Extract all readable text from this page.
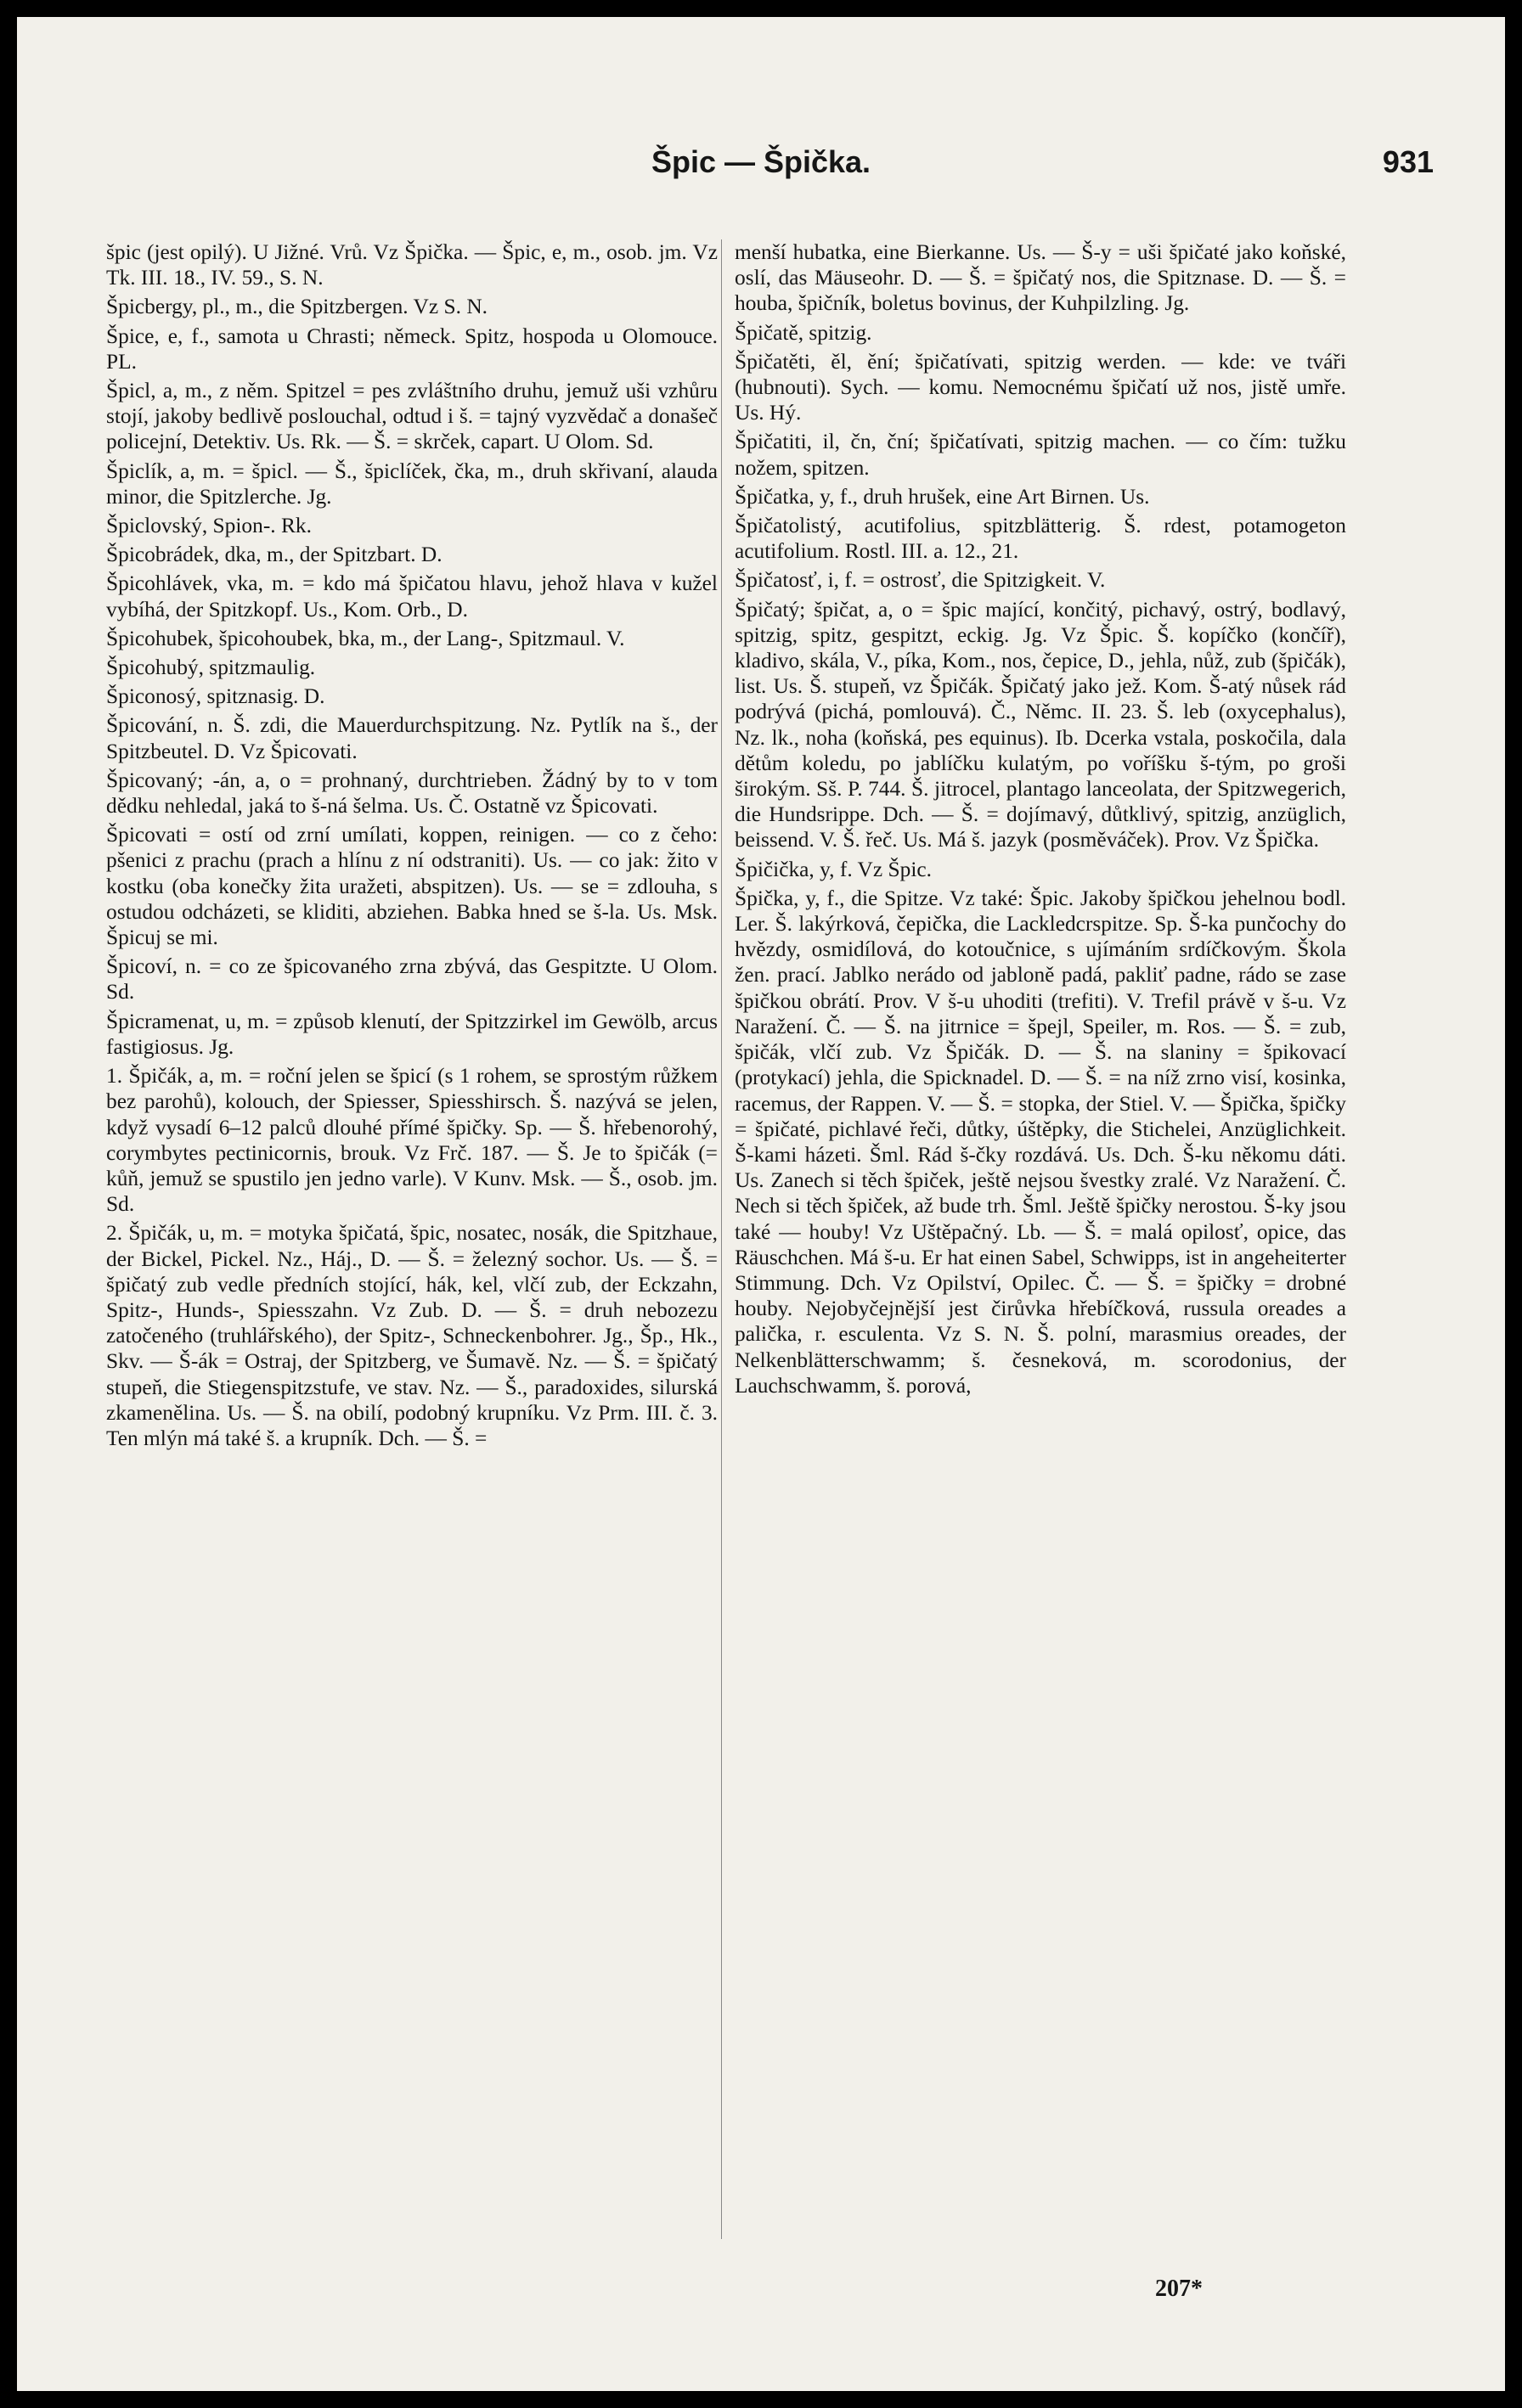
Špic — Špička.	931

špic (jest opilý). U Jižné. Vrů. Vz Špička. — Špic, e, m., osob. jm. Vz Tk. III. 18., IV. 59., S. N.

Špicbergy, pl., m., die Spitzbergen. Vz S. N.

Špice, e, f., samota u Chrasti; německ. Spitz, hospoda u Olomouce. PL.

Špicl, a, m., z něm. Spitzel = pes zvláštního druhu, jemuž uši vzhůru stojí, jakoby bedlivě poslouchal, odtud i š. = tajný vyzvědač a donašeč policejní, Detektiv. Us. Rk. — Š. = skrček, capart. U Olom. Sd.

Špiclík, a, m. = špicl. — Š., špiclíček, čka, m., druh skřivaní, alauda minor, die Spitzlerche. Jg.

Špiclovský, Spion-. Rk.

Špicobrádek, dka, m., der Spitzbart. D.

Špicohlávek, vka, m. = kdo má špičatou hlavu, jehož hlava v kužel vybíhá, der Spitzkopf. Us., Kom. Orb., D.

Špicohubek, špicohoubek, bka, m., der Lang-, Spitzmaul. V.

Špicohubý, spitzmaulig.

Špiconosý, spitznasig. D.

Špicování, n. Š. zdi, die Mauerdurchspitzung. Nz. Pytlík na š., der Spitzbeutel. D. Vz Špicovati.

Špicovaný; -án, a, o = prohnaný, durchtrieben. Žádný by to v tom dědku nehledal, jaká to š-ná šelma. Us. Č. Ostatně vz Špicovati.

Špicovati = ostí od zrní umílati, koppen, reinigen. — co z čeho: pšenici z prachu (prach a hlínu z ní odstraniti). Us. — co jak: žito v kostku (oba konečky žita uražeti, abspitzen). Us. — se = zdlouha, s ostudou odcházeti, se kliditi, abziehen. Babka hned se š-la. Us. Msk. Špicuj se mi.

Špicoví, n. = co ze špicovaného zrna zbývá, das Gespitzte. U Olom. Sd.

Špicramenat, u, m. = způsob klenutí, der Spitzzirkel im Gewölb, arcus fastigiosus. Jg.

1. Špičák, a, m. = roční jelen se špicí (s 1 rohem, se sprostým růžkem bez parohů), kolouch, der Spiesser, Spiesshirsch. Š. nazývá se jelen, když vysadí 6–12 palců dlouhé přímé špičky. Sp. — Š. hřebenorohý, corymbytes pectinicornis, brouk. Vz Frč. 187. — Š. Je to špičák (= kůň, jemuž se spustilo jen jedno varle). V Kunv. Msk. — Š., osob. jm. Sd.

2. Špičák, u, m. = motyka špičatá, špic, nosatec, nosák, die Spitzhaue, der Bickel, Pickel. Nz., Háj., D. — Š. = železný sochor. Us. — Š. = špičatý zub vedle předních stojící, hák, kel, vlčí zub, der Eckzahn, Spitz-, Hunds-, Spiesszahn. Vz Zub. D. — Š. = druh nebozezu zatočeného (truhlářského), der Spitz-, Schneckenbohrer. Jg., Šp., Hk., Skv. — Š-ák = Ostraj, der Spitzberg, ve Šumavě. Nz. — Š. = špičatý stupeň, die Stiegenspitzstufe, ve stav. Nz. — Š., paradoxides, silurská zkamenělina. Us. — Š. na obilí, podobný krupníku. Vz Prm. III. č. 3. Ten mlýn má také š. a krupník. Dch. — Š. =

menší hubatka, eine Bierkanne. Us. — Š-y = uši špičaté jako koňské, oslí, das Mäuseohr. D. — Š. = špičatý nos, die Spitznase. D. — Š. = houba, špičník, boletus bovinus, der Kuhpilzling. Jg.

Špičatě, spitzig.

Špičatěti, ěl, ění; špičatívati, spitzig werden. — kde: ve tváři (hubnouti). Sych. — komu. Nemocnému špičatí už nos, jistě umře. Us. Hý.

Špičatiti, il, čn, ční; špičatívati, spitzig machen. — co čím: tužku nožem, spitzen.

Špičatka, y, f., druh hrušek, eine Art Birnen. Us.

Špičatolistý, acutifolius, spitzblätterig. Š. rdest, potamogeton acutifolium. Rostl. III. a. 12., 21.

Špičatosť, i, f. = ostrosť, die Spitzigkeit. V.

Špičatý; špičat, a, o = špic mající, končitý, pichavý, ostrý, bodlavý, spitzig, spitz, gespitzt, eckig. Jg. Vz Špic. Š. kopíčko (končíř), kladivo, skála, V., píka, Kom., nos, čepice, D., jehla, nůž, zub (špičák), list. Us. Š. stupeň, vz Špičák. Špičatý jako jež. Kom. Š-atý nůsek rád podrývá (pichá, pomlouvá). Č., Němc. II. 23. Š. leb (oxycephalus), Nz. lk., noha (koňská, pes equinus). Ib. Dcerka vstala, poskočila, dala dětům koledu, po jablíčku kulatým, po voříšku š-tým, po groši širokým. Sš. P. 744. Š. jitrocel, plantago lanceolata, der Spitzwegerich, die Hundsrippe. Dch. — Š. = dojímavý, důtklivý, spitzig, anzüglich, beissend. V. Š. řeč. Us. Má š. jazyk (posměváček). Prov. Vz Špička.

Špičička, y, f. Vz Špic.

Špička, y, f., die Spitze. Vz také: Špic. Jakoby špičkou jehelnou bodl. Ler. Š. lakýrková, čepička, die Lackledcrspitze. Sp. Š-ka punčochy do hvězdy, osmidílová, do kotoučnice, s ujímáním srdíčkovým. Škola žen. prací. Jablko nerádo od jabloně padá, pakliť padne, rádo se zase špičkou obrátí. Prov. V š-u uhoditi (trefiti). V. Trefil právě v š-u. Vz Naražení. Č. — Š. na jitrnice = špejl, Speiler, m. Ros. — Š. = zub, špičák, vlčí zub. Vz Špičák. D. — Š. na slaniny = špikovací (protykací) jehla, die Spicknadel. D. — Š. = na níž zrno visí, kosinka, racemus, der Rappen. V. — Š. = stopka, der Stiel. V. — Špička, špičky = špičaté, pichlavé řeči, důtky, úštěpky, die Stichelei, Anzüglichkeit. Š-kami házeti. Šml. Rád š-čky rozdává. Us. Dch. Š-ku někomu dáti. Us. Zanech si těch špiček, ještě nejsou švestky zralé. Vz Naražení. Č. Nech si těch špiček, až bude trh. Šml. Ještě špičky nerostou. Š-ky jsou také — houby! Vz Uštěpačný. Lb. — Š. = malá opilosť, opice, das Räuschchen. Má š-u. Er hat einen Sabel, Schwipps, ist in angeheiterter Stimmung. Dch. Vz Opilství, Opilec. Č. — Š. = špičky = drobné houby. Nejobyčejnější jest čirůvka hřebíčková, russula oreades a palička, r. esculenta. Vz S. N. Š. polní, marasmius oreades, der Nelkenblätterschwamm; š. česneková, m. scorodonius, der Lauchschwamm, š. porová,

207*
